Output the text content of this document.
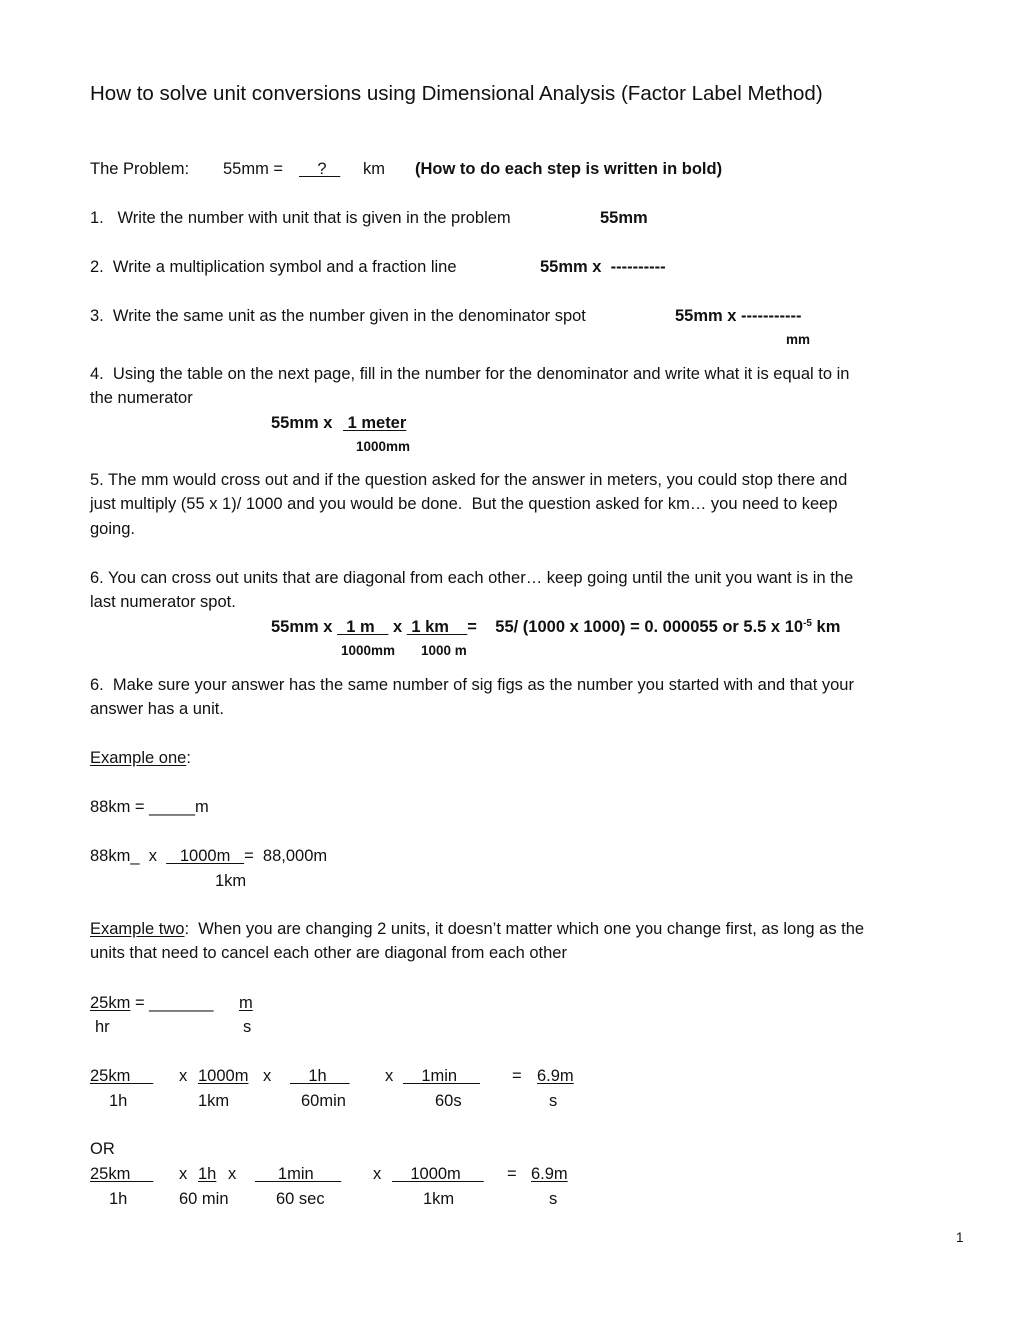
How to solve unit conversions using Dimensional Analysis (Factor Label Method)
The Problem: 55mm = ? km (How to do each step is written in bold)
1.   Write the number with unit that is given in the problem	55mm
2.  Write a multiplication symbol and a fraction line	55mm x  ----------
3.  Write the same unit as the number given in the denominator spot	55mm x -----------
mm
4.  Using the table on the next page, fill in the number for the denominator and write what it is equal to in
the numerator
55mm x 1 meter
1000mm
5. The mm would cross out and if the question asked for the answer in meters, you could stop there and
just multiply (55 x 1)/ 1000 and you would be done.  But the question asked for km… you need to keep
going.
6. You can cross out units that are diagonal from each other… keep going until the unit you want is in the
last numerator spot.
55mm x   1 m    x  1 km    =    55/ (1000 x 1000) = 0. 000055 or 5.5 x $10^{-5}$ km
1000mm 1000 m
6.  Make sure your answer has the same number of sig figs as the number you started with and that your
answer has a unit.
Example one:
88km = _____m
88km_  x     1000m   =  88,000m
1km
Example two:  When you are changing 2 units, it doesn’t matter which one you change first, as long as the
units that need to cancel each other are diagonal from each other
25km = _______ m
hr	s
25km x 1000m x 1h x 1min = 6.9m
1h	1km	60min	60s	s
OR
25km x 1h x 1min x 1000m = 6.9m
1h	60 min	60 sec	1km	s
1
